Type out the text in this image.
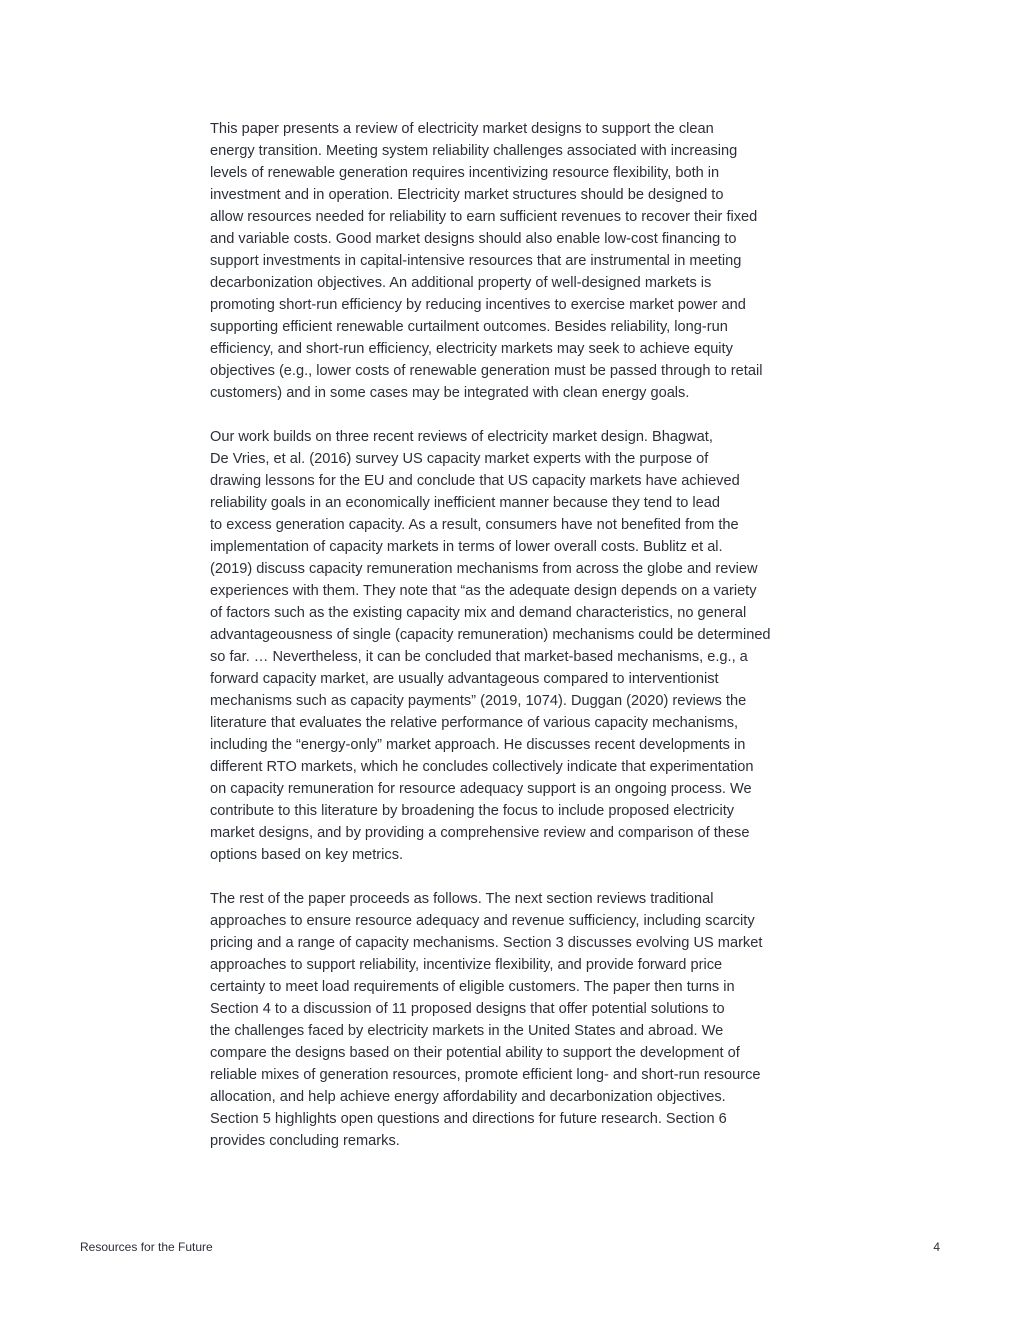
This paper presents a review of electricity market designs to support the clean
energy transition. Meeting system reliability challenges associated with increasing
levels of renewable generation requires incentivizing resource flexibility, both in
investment and in operation. Electricity market structures should be designed to
allow resources needed for reliability to earn sufficient revenues to recover their fixed
and variable costs. Good market designs should also enable low-cost financing to
support investments in capital-intensive resources that are instrumental in meeting
decarbonization objectives. An additional property of well-designed markets is
promoting short-run efficiency by reducing incentives to exercise market power and
supporting efficient renewable curtailment outcomes. Besides reliability, long-run
efficiency, and short-run efficiency, electricity markets may seek to achieve equity
objectives (e.g., lower costs of renewable generation must be passed through to retail
customers) and in some cases may be integrated with clean energy goals.

Our work builds on three recent reviews of electricity market design. Bhagwat,
De Vries, et al. (2016) survey US capacity market experts with the purpose of
drawing lessons for the EU and conclude that US capacity markets have achieved
reliability goals in an economically inefficient manner because they tend to lead
to excess generation capacity. As a result, consumers have not benefited from the
implementation of capacity markets in terms of lower overall costs. Bublitz et al.
(2019) discuss capacity remuneration mechanisms from across the globe and review
experiences with them. They note that “as the adequate design depends on a variety
of factors such as the existing capacity mix and demand characteristics, no general
advantageousness of single (capacity remuneration) mechanisms could be determined
so far. … Nevertheless, it can be concluded that market-based mechanisms, e.g., a
forward capacity market, are usually advantageous compared to interventionist
mechanisms such as capacity payments” (2019, 1074). Duggan (2020) reviews the
literature that evaluates the relative performance of various capacity mechanisms,
including the “energy-only” market approach. He discusses recent developments in
different RTO markets, which he concludes collectively indicate that experimentation
on capacity remuneration for resource adequacy support is an ongoing process. We
contribute to this literature by broadening the focus to include proposed electricity
market designs, and by providing a comprehensive review and comparison of these
options based on key metrics.

The rest of the paper proceeds as follows. The next section reviews traditional
approaches to ensure resource adequacy and revenue sufficiency, including scarcity
pricing and a range of capacity mechanisms. Section 3 discusses evolving US market
approaches to support reliability, incentivize flexibility, and provide forward price
certainty to meet load requirements of eligible customers. The paper then turns in
Section 4 to a discussion of 11 proposed designs that offer potential solutions to
the challenges faced by electricity markets in the United States and abroad. We
compare the designs based on their potential ability to support the development of
reliable mixes of generation resources, promote efficient long- and short-run resource
allocation, and help achieve energy affordability and decarbonization objectives.
Section 5 highlights open questions and directions for future research. Section 6
provides concluding remarks.

Resources for the Future	4
